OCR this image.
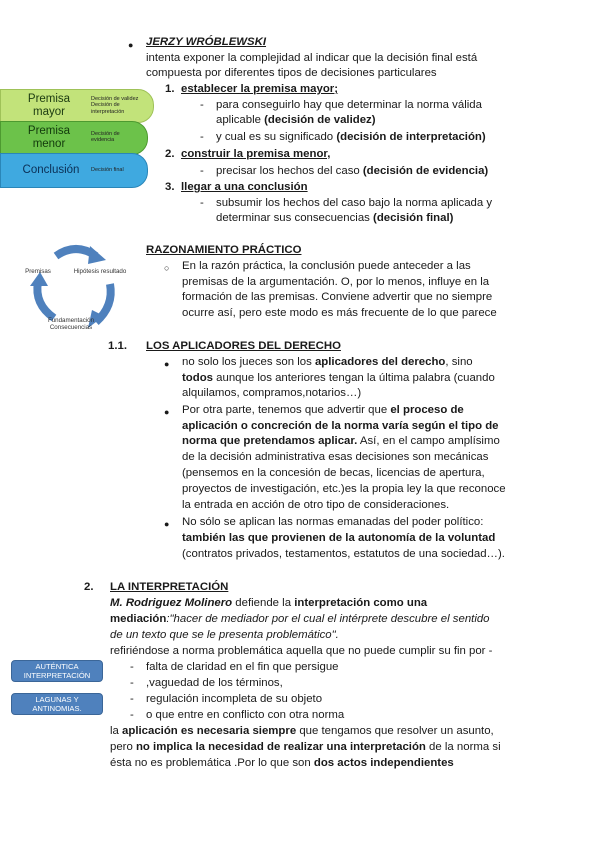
Premisa mayor
Decisión de validez
Decisión de
interpretación
Premisa menor
Decisión de
evidencia
Conclusión	Decisión final
Premisas	Hipótesis resultado
Fundamentación
Consecuencias
AUTÉNTICA INTERPRETACIÓN
LAGUNAS Y ANTINOMIAS.
● JERZY WRÓBLEWSKI
intenta exponer la complejidad al indicar que la decisión final está
compuesta por diferentes tipos de decisiones particulares
1. establecer la premisa mayor;
- para conseguirlo hay que determinar la norma válida
aplicable (decisión de validez)
- y cual es su significado (decisión de interpretación)
2. construir la premisa menor,
- precisar los hechos del caso (decisión de evidencia)
3. llegar a una conclusión
- subsumir los hechos del caso bajo la norma aplicada y
determinar sus consecuencias (decisión final)
RAZONAMIENTO PRÁCTICO
○ En la razón práctica, la conclusión puede anteceder a las
premisas de la argumentación. O, por lo menos, influye en la
formación de las premisas. Conviene advertir que no siempre
ocurre así, pero este modo es más frecuente de lo que parece
1.1. LOS APLICADORES DEL DERECHO
● no solo los jueces son los aplicadores del derecho, sino
todos aunque los anteriores tengan la última palabra (cuando
alquilamos, compramos,notarios…)
● Por otra parte, tenemos que advertir que el proceso de
aplicación o concreción de la norma varía según el tipo de
norma que pretendamos aplicar. Así, en el campo amplísimo
de la decisión administrativa esas decisiones son mecánicas
(pensemos en la concesión de becas, licencias de apertura,
proyectos de investigación, etc.)es la propia ley la que reconoce
la entrada en acción de otro tipo de consideraciones.
● No sólo se aplican las normas emanadas del poder político:
también las que provienen de la autonomía de la voluntad
(contratos privados, testamentos, estatutos de una sociedad…).
2. LA INTERPRETACIÓN
M. Rodriguez Molinero defiende la interpretación como una
mediación:"hacer de mediador por el cual el intérprete descubre el sentido
de un texto que se le presenta problemático".
refiriéndose a norma problemática aquella que no puede cumplir su fin por -
- falta de claridad en el fin que persigue
- ,vaguedad de los términos,
- regulación incompleta de su objeto
- o que entre en conflicto con otra norma
la aplicación es necesaria siempre que tengamos que resolver un asunto,
pero no implica la necesidad de realizar una interpretación de la norma si
ésta no es problemática .Por lo que son dos actos independientes
